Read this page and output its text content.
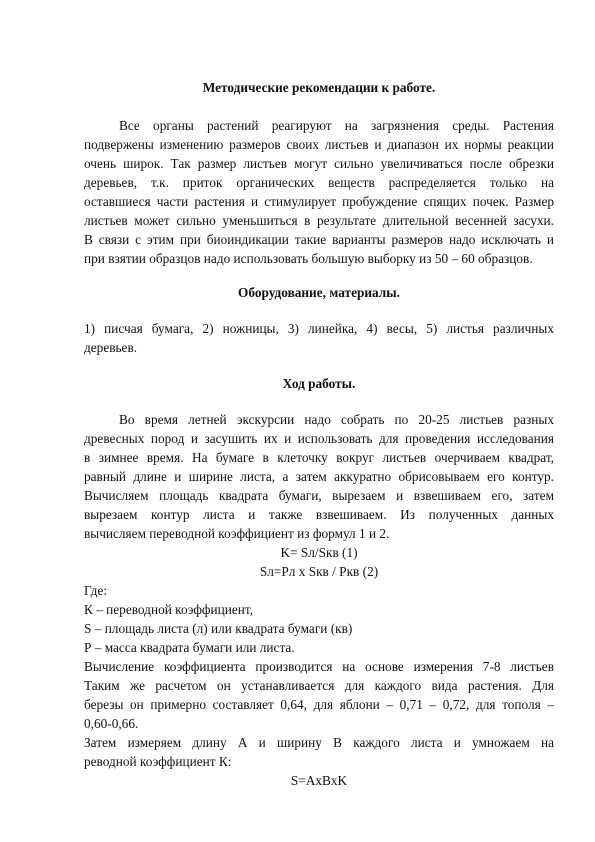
Методические рекомендации к работе.
Все органы растений реагируют на загрязнения среды. Растения
подвержены изменению размеров своих листьев и диапазон их нормы реакции
очень широк. Так размер листьев могут сильно увеличиваться после обрезки
деревьев, т.к. приток органических веществ распределяется только на
оставшиеся части растения и стимулирует пробуждение спящих почек. Размер
листьев может сильно уменьшиться в результате длительной весенней засухи.
В связи с этим при биоиндикации такие варианты размеров надо исключать и
при взятии образцов надо использовать большую выборку из 50 – 60 образцов.
Оборудование, материалы.
1) писчая бумага, 2) ножницы, 3) линейка, 4) весы, 5) листья различных
деревьев.
Ход работы.
Во время летней экскурсии надо собрать по 20-25 листьев разных
древесных пород и засушить их и использовать для проведения исследования
в зимнее время. На бумаге в клеточку вокруг листьев очерчиваем квадрат,
равный длине и ширине листа, а затем аккуратно обрисовываем его контур.
Вычисляем площадь квадрата бумаги, вырезаем и взвешиваем его, затем
вырезаем контур листа и также взвешиваем. Из полученных данных
вычисляем переводной коэффициент из формул 1 и 2.
K= Sл/Sкв (1)
Sл=Pл x Sкв / Pкв (2)
Где:
К – переводной коэффициент,
S – площадь листа (л) или квадрата бумаги (кв)
Р – масса квадрата бумаги или листа.
Вычисление коэффициента производится на основе измерения 7-8 листьев
Таким же расчетом он устанавливается для каждого вида растения. Для
березы он примерно составляет 0,64, для яблони – 0,71 – 0,72, для тополя –
0,60-0,66.
Затем измеряем длину А и ширину В каждого листа и умножаем на
реводной коэффициент К:
S=AxBxK
